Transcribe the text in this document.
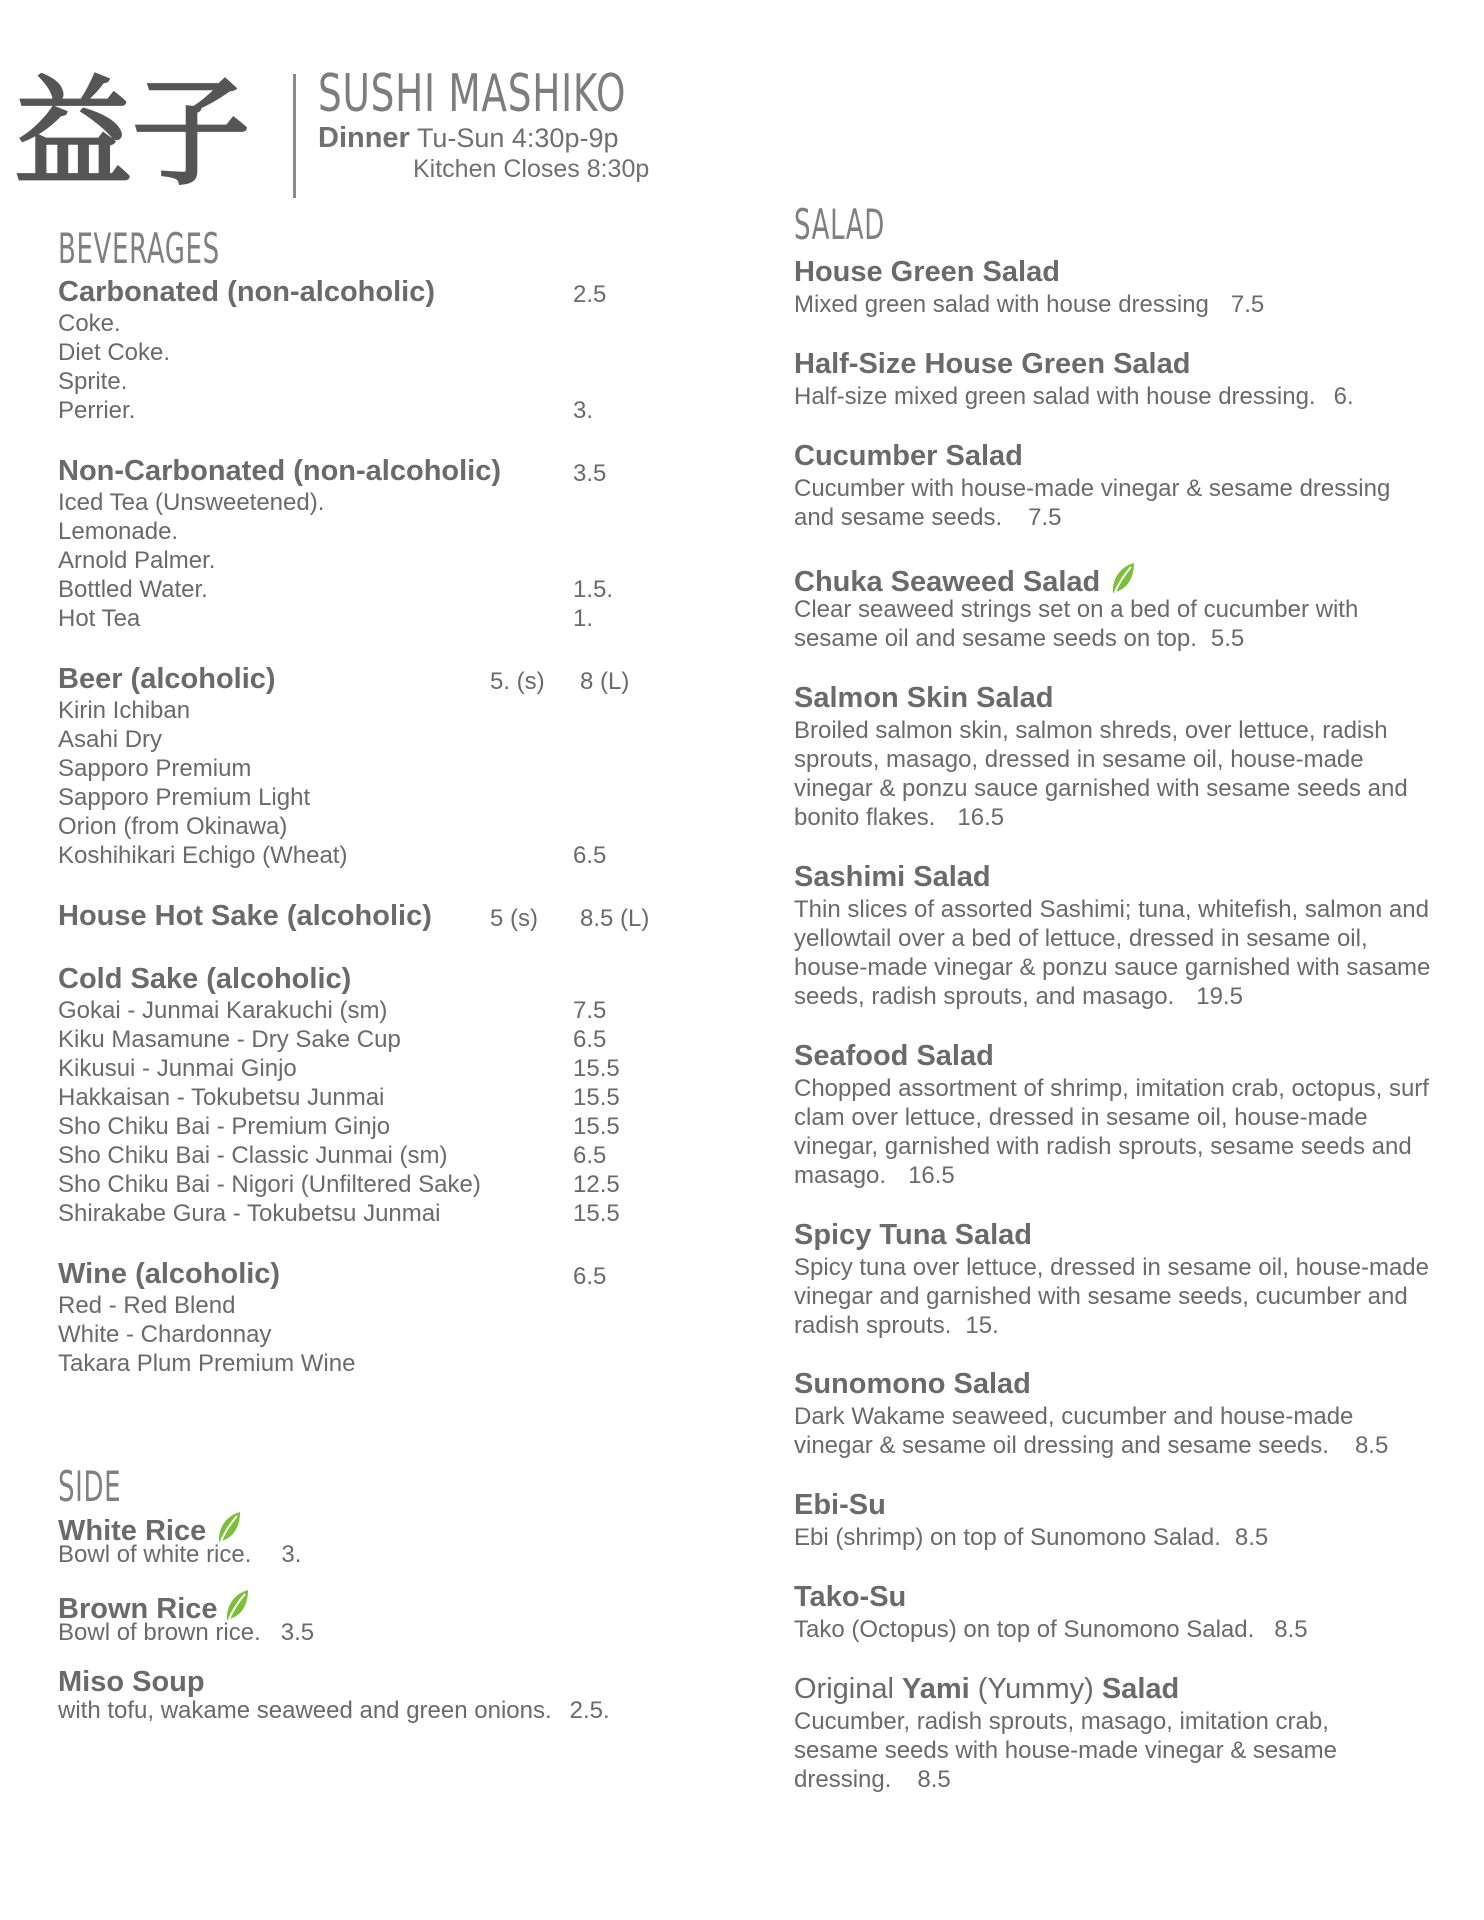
益子 SUSHI MASHIKO
Dinner Tu-Sun 4:30p-9p
Kitchen Closes 8:30p
BEVERAGES
Carbonated (non-alcoholic)	2.5
Coke.
Diet Coke.
Sprite.
Perrier.	3.
Non-Carbonated (non-alcoholic)	3.5
Iced Tea (Unsweetened).
Lemonade.
Arnold Palmer.
Bottled Water.	1.5.
Hot Tea	1.
Beer (alcoholic)	5. (s) 8 (L)
Kirin Ichiban
Asahi Dry
Sapporo Premium
Sapporo Premium Light
Orion (from Okinawa)
Koshihikari Echigo (Wheat)	6.5
House Hot Sake (alcoholic) 5 (s) 8.5 (L)
Cold Sake (alcoholic)
Gokai - Junmai Karakuchi (sm)	7.5
Kiku Masamune - Dry Sake Cup	6.5
Kikusui - Junmai Ginjo	15.5
Hakkaisan - Tokubetsu Junmai	15.5
Sho Chiku Bai - Premium Ginjo	15.5
Sho Chiku Bai - Classic Junmai (sm)	6.5
Sho Chiku Bai - Nigori (Unfiltered Sake)	12.5
Shirakabe Gura - Tokubetsu Junmai	15.5
Wine (alcoholic)	6.5
Red - Red Blend
White - Chardonnay
Takara Plum Premium Wine
SIDE
White Rice
Bowl of white rice. 3.
Brown Rice
Bowl of brown rice. 3.5
Miso Soup
with tofu, wakame seaweed and green onions. 2.5.
SALAD
House Green Salad
Mixed green salad with house dressing 7.5
Half-Size House Green Salad
Half-size mixed green salad with house dressing. 6.
Cucumber Salad
Cucumber with house-made vinegar & sesame dressing and sesame seeds. 7.5
Chuka Seaweed Salad
Clear seaweed strings set on a bed of cucumber with sesame oil and sesame seeds on top. 5.5
Salmon Skin Salad
Broiled salmon skin, salmon shreds, over lettuce, radish sprouts, masago, dressed in sesame oil, house-made vinegar & ponzu sauce garnished with sesame seeds and bonito flakes. 16.5
Sashimi Salad
Thin slices of assorted Sashimi; tuna, whitefish, salmon and yellowtail over a bed of lettuce, dressed in sesame oil, house-made vinegar & ponzu sauce garnished with sasame seeds, radish sprouts, and masago. 19.5
Seafood Salad
Chopped assortment of shrimp, imitation crab, octopus, surf clam over lettuce, dressed in sesame oil, house-made vinegar, garnished with radish sprouts, sesame seeds and masago. 16.5
Spicy Tuna Salad
Spicy tuna over lettuce, dressed in sesame oil, house-made vinegar and garnished with sesame seeds, cucumber and radish sprouts. 15.
Sunomono Salad
Dark Wakame seaweed, cucumber and house-made vinegar & sesame oil dressing and sesame seeds. 8.5
Ebi-Su
Ebi (shrimp) on top of Sunomono Salad. 8.5
Tako-Su
Tako (Octopus) on top of Sunomono Salad. 8.5
Original Yami (Yummy) Salad
Cucumber, radish sprouts, masago, imitation crab, sesame seeds with house-made vinegar & sesame dressing. 8.5
